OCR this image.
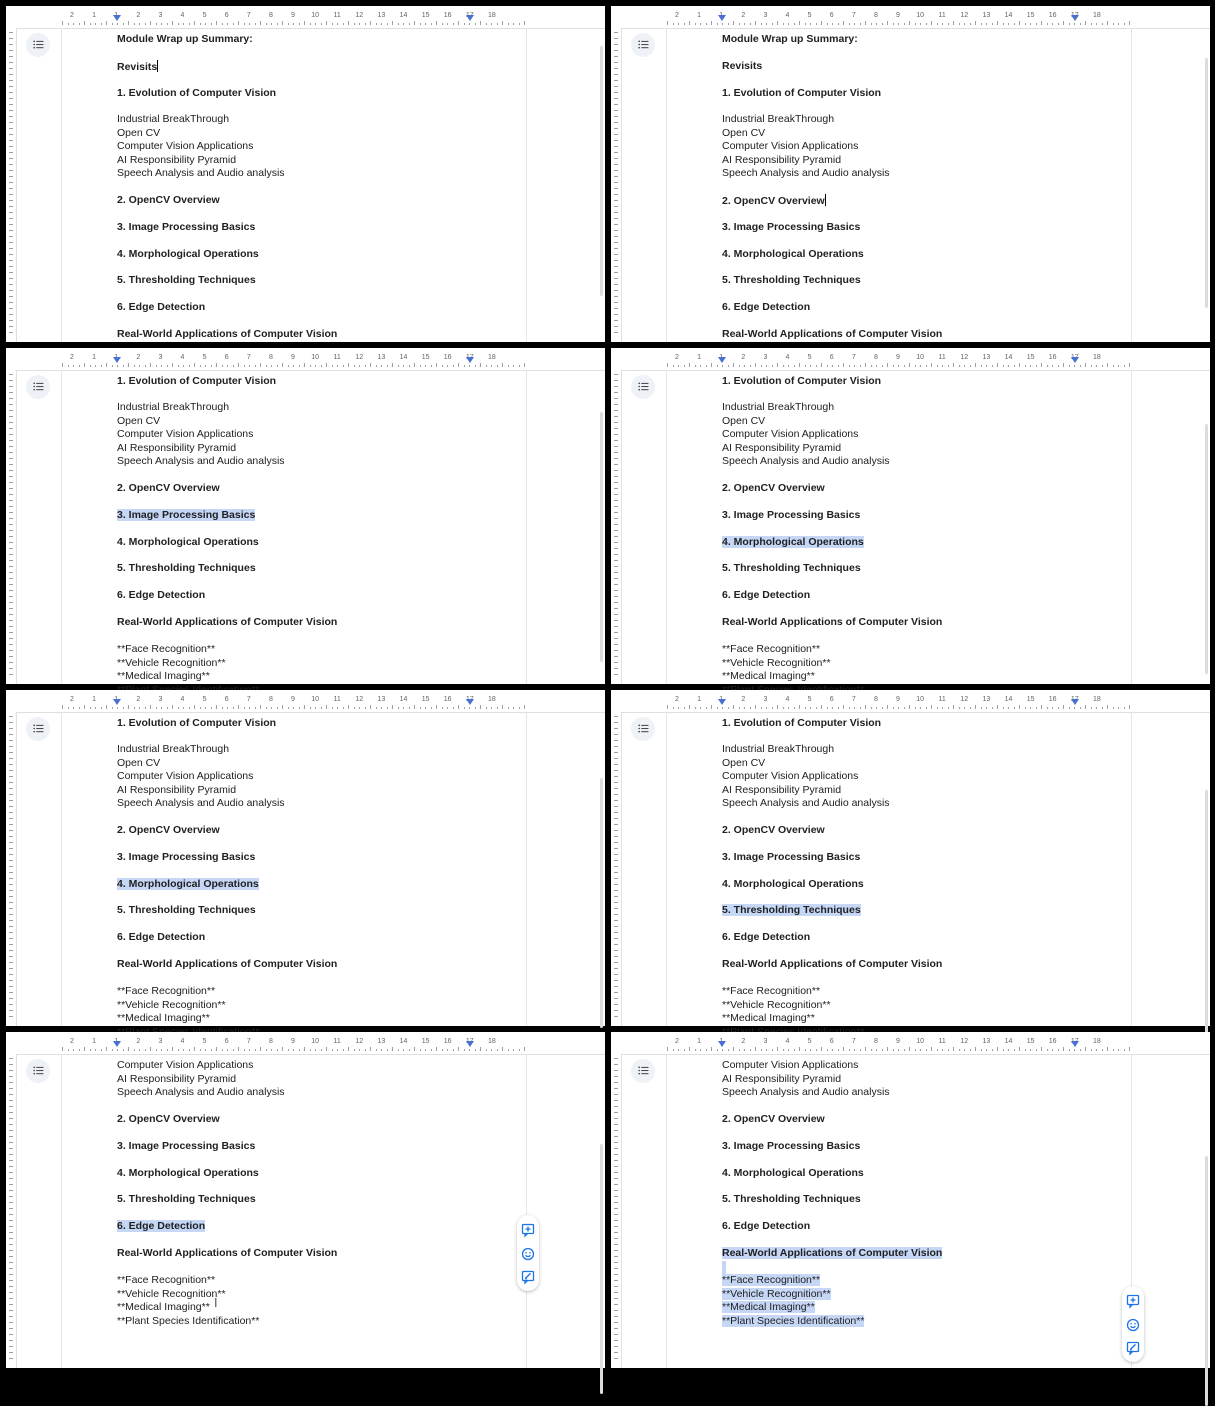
2	1	1	2	3	4	5	6	7	8	9 10 11 12 13 14 15 16 17 18
Module Wrap up Summary:
Revisits
1. Evolution of Computer Vision
Industrial BreakThrough
Open CV
Computer Vision Applications
AI Responsibility Pyramid
Speech Analysis and Audio analysis
2. OpenCV Overview
3. Image Processing Basics
4. Morphological Operations
5. Thresholding Techniques
6. Edge Detection
Real-World Applications of Computer Vision
2	1	1	2	3	4	5	6	7	8	9 10 11 12 13 14 15 16 17 18
Module Wrap up Summary:
Revisits
1. Evolution of Computer Vision
Industrial BreakThrough
Open CV
Computer Vision Applications
AI Responsibility Pyramid
Speech Analysis and Audio analysis
2. OpenCV Overview
3. Image Processing Basics
4. Morphological Operations
5. Thresholding Techniques
6. Edge Detection
Real-World Applications of Computer Vision
2	1	1	2	3	4	5	6	7	8	9 10 11 12 13 14 15 16 17 18
1. Evolution of Computer Vision
Industrial BreakThrough
Open CV
Computer Vision Applications
AI Responsibility Pyramid
Speech Analysis and Audio analysis
2. OpenCV Overview
3. Image Processing Basics
4. Morphological Operations
5. Thresholding Techniques
6. Edge Detection
Real-World Applications of Computer Vision
**Face Recognition**
**Vehicle Recognition**
**Medical Imaging**
2	1	1	2	3	4	5	6	7	8	9 10 11 12 13 14 15 16 17 18
1. Evolution of Computer Vision
Industrial BreakThrough
Open CV
Computer Vision Applications
AI Responsibility Pyramid
Speech Analysis and Audio analysis
2. OpenCV Overview
3. Image Processing Basics
4. Morphological Operations
5. Thresholding Techniques
6. Edge Detection
Real-World Applications of Computer Vision
**Face Recognition**
**Vehicle Recognition**
**Medical Imaging**
2	1	1	2	3	4	5	6	7	8	9 10 11 12 13 14 15 16 17 18
1. Evolution of Computer Vision
Industrial BreakThrough
Open CV
Computer Vision Applications
AI Responsibility Pyramid
Speech Analysis and Audio analysis
2. OpenCV Overview
3. Image Processing Basics
4. Morphological Operations
5. Thresholding Techniques
6. Edge Detection
Real-World Applications of Computer Vision
**Face Recognition**
**Vehicle Recognition**
**Medical Imaging**
2	1	1	2	3	4	5	6	7	8	9 10 11 12 13 14 15 16 17 18
1. Evolution of Computer Vision
Industrial BreakThrough
Open CV
Computer Vision Applications
AI Responsibility Pyramid
Speech Analysis and Audio analysis
2. OpenCV Overview
3. Image Processing Basics
4. Morphological Operations
5. Thresholding Techniques
6. Edge Detection
Real-World Applications of Computer Vision
**Face Recognition**
**Vehicle Recognition**
**Medical Imaging**
2	1	1	2	3	4	5	6	7	8	9 10 11 12 13 14 15 16 17 18
Computer Vision Applications
AI Responsibility Pyramid
Speech Analysis and Audio analysis
2. OpenCV Overview
3. Image Processing Basics
4. Morphological Operations
5. Thresholding Techniques
6. Edge Detection
Real-World Applications of Computer Vision
**Face Recognition**
**Vehicle Recognition**
**Medical Imaging**
**Plant Species Identification**
I
2	1	1	2	3	4	5	6	7	8	9 10 11 12 13 14 15 16 17 18
Computer Vision Applications
AI Responsibility Pyramid
Speech Analysis and Audio analysis
2. OpenCV Overview
3. Image Processing Basics
4. Morphological Operations
5. Thresholding Techniques
6. Edge Detection
Real-World Applications of Computer Vision
**Face Recognition**
**Vehicle Recognition**
**Medical Imaging**
**Plant Species Identification**
